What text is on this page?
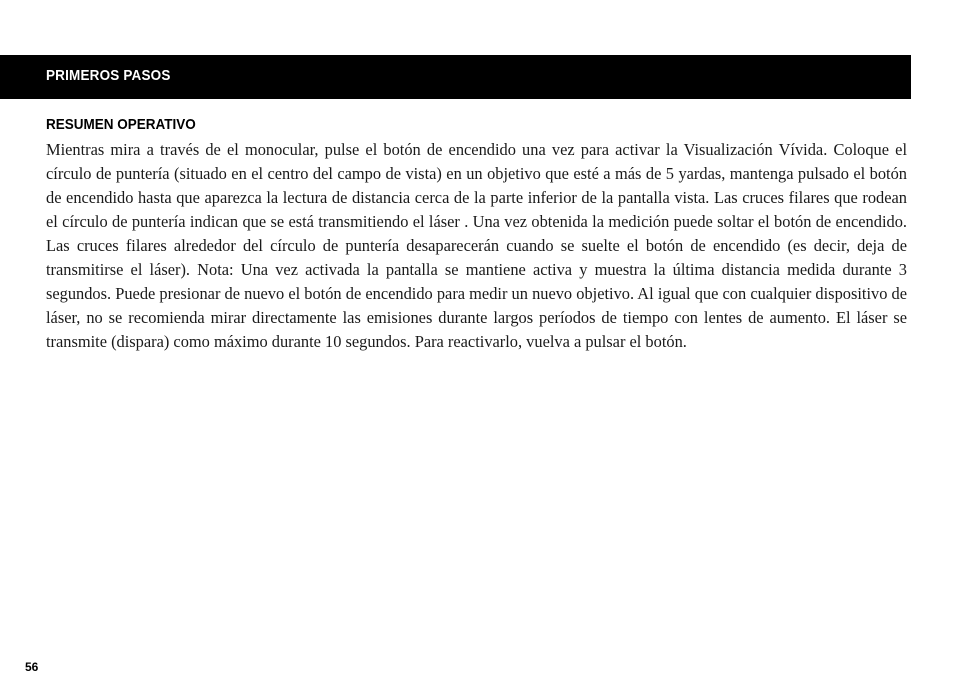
PRIMEROS PASOS
RESUMEN OPERATIVO

Mientras mira a través de el monocular, pulse el botón de encendido una vez para activar la Visualización Vívida. Coloque el círculo de puntería (situado en el centro del campo de vista) en un objetivo que esté a más de 5 yardas, mantenga pulsado el botón de encendido hasta que aparezca la lectura de distancia cerca de la parte inferior de la pantalla vista. Las cruces filares que rodean el círculo de puntería indican que se está transmitiendo el láser . Una vez obtenida la medición puede soltar el botón de encendido. Las cruces filares alrededor del círculo de puntería desaparecerán cuando se suelte el botón de encendido (es decir, deja de transmitirse el láser). Nota: Una vez activada la pantalla se mantiene activa y muestra la última distancia medida durante 3 segundos. Puede presionar de nuevo el botón de encendido para medir un nuevo objetivo. Al igual que con cualquier dispositivo de láser, no se recomienda mirar directamente las emisiones durante largos períodos de tiempo con lentes de aumento. El láser se transmite (dispara) como máximo durante 10 segundos. Para reactivarlo, vuelva a pulsar el botón.

56
